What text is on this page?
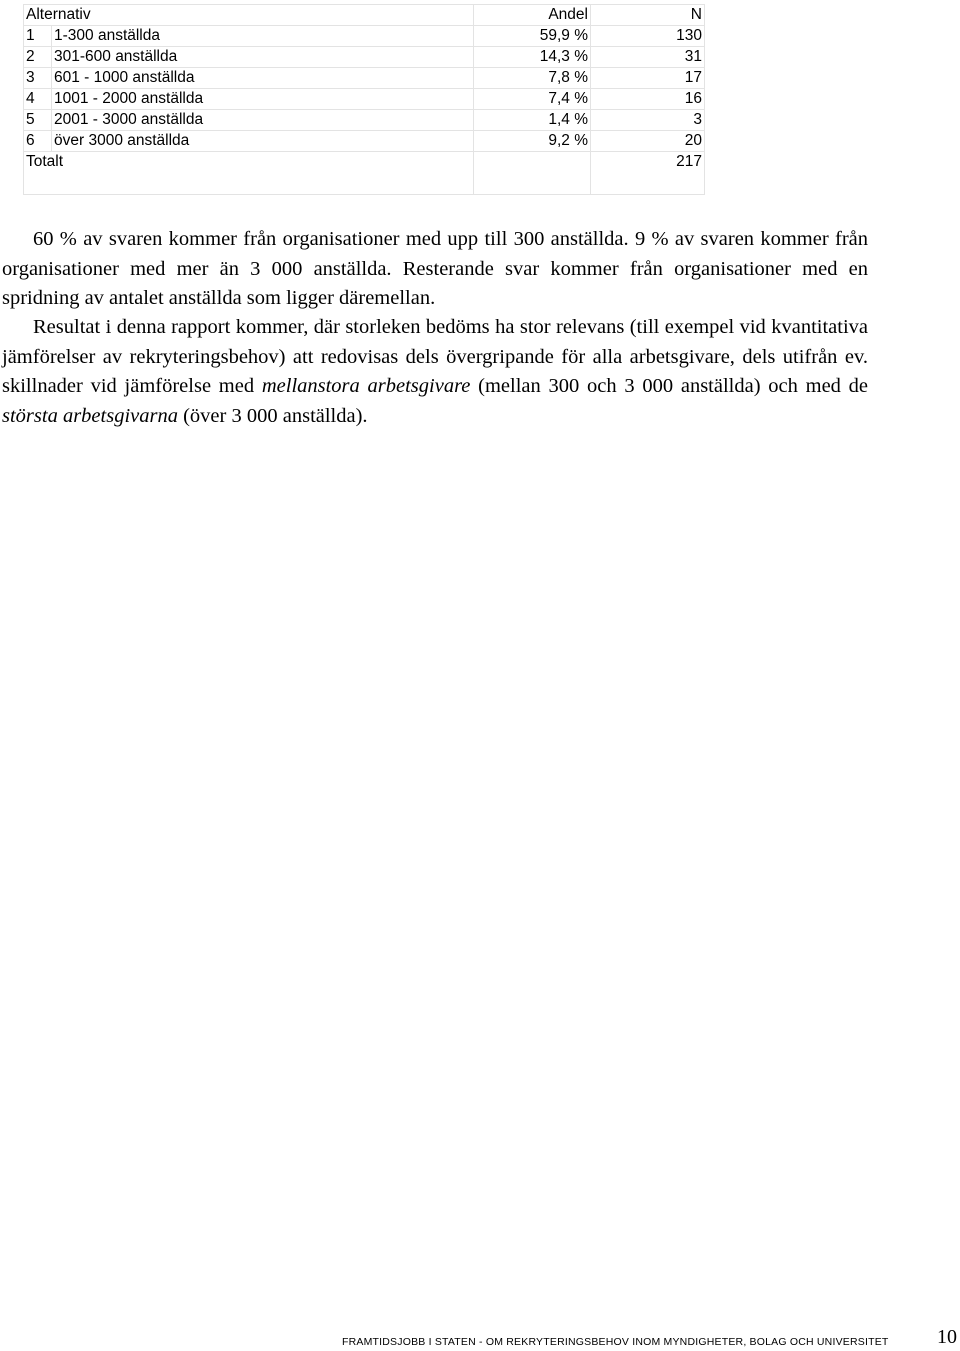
Alternativ		Andel	N
1	1-300 anställda	59,9 %	130
2	301-600 anställda	14,3 %	31
3	601 - 1000 anställda	7,8 %	17
4	1001 - 2000 anställda	7,4 %	16
5	2001 - 3000 anställda	1,4 %	3
6	över 3000 anställda	9,2 %	20
Totalt			217

60 % av svaren kommer från organisationer med upp till 300 anställda. 9 % av svaren kommer från organisationer med mer än 3 000 anställda. Resterande svar kommer från organisationer med en spridning av antalet anställda som ligger däremellan.

Resultat i denna rapport kommer, där storleken bedöms ha stor relevans (till exempel vid kvantitativa jämförelser av rekryteringsbehov) att redovisas dels övergripande för alla arbetsgivare, dels utifrån ev. skillnader vid jämförelse med mellanstora arbetsgivare (mellan 300 och 3 000 anställda) och med de största arbetsgivarna (över 3 000 anställda).

FRAMTIDSJOBB I STATEN - OM REKRYTERINGSBEHOV INOM MYNDIGHETER, BOLAG OCH UNIVERSITET 10
